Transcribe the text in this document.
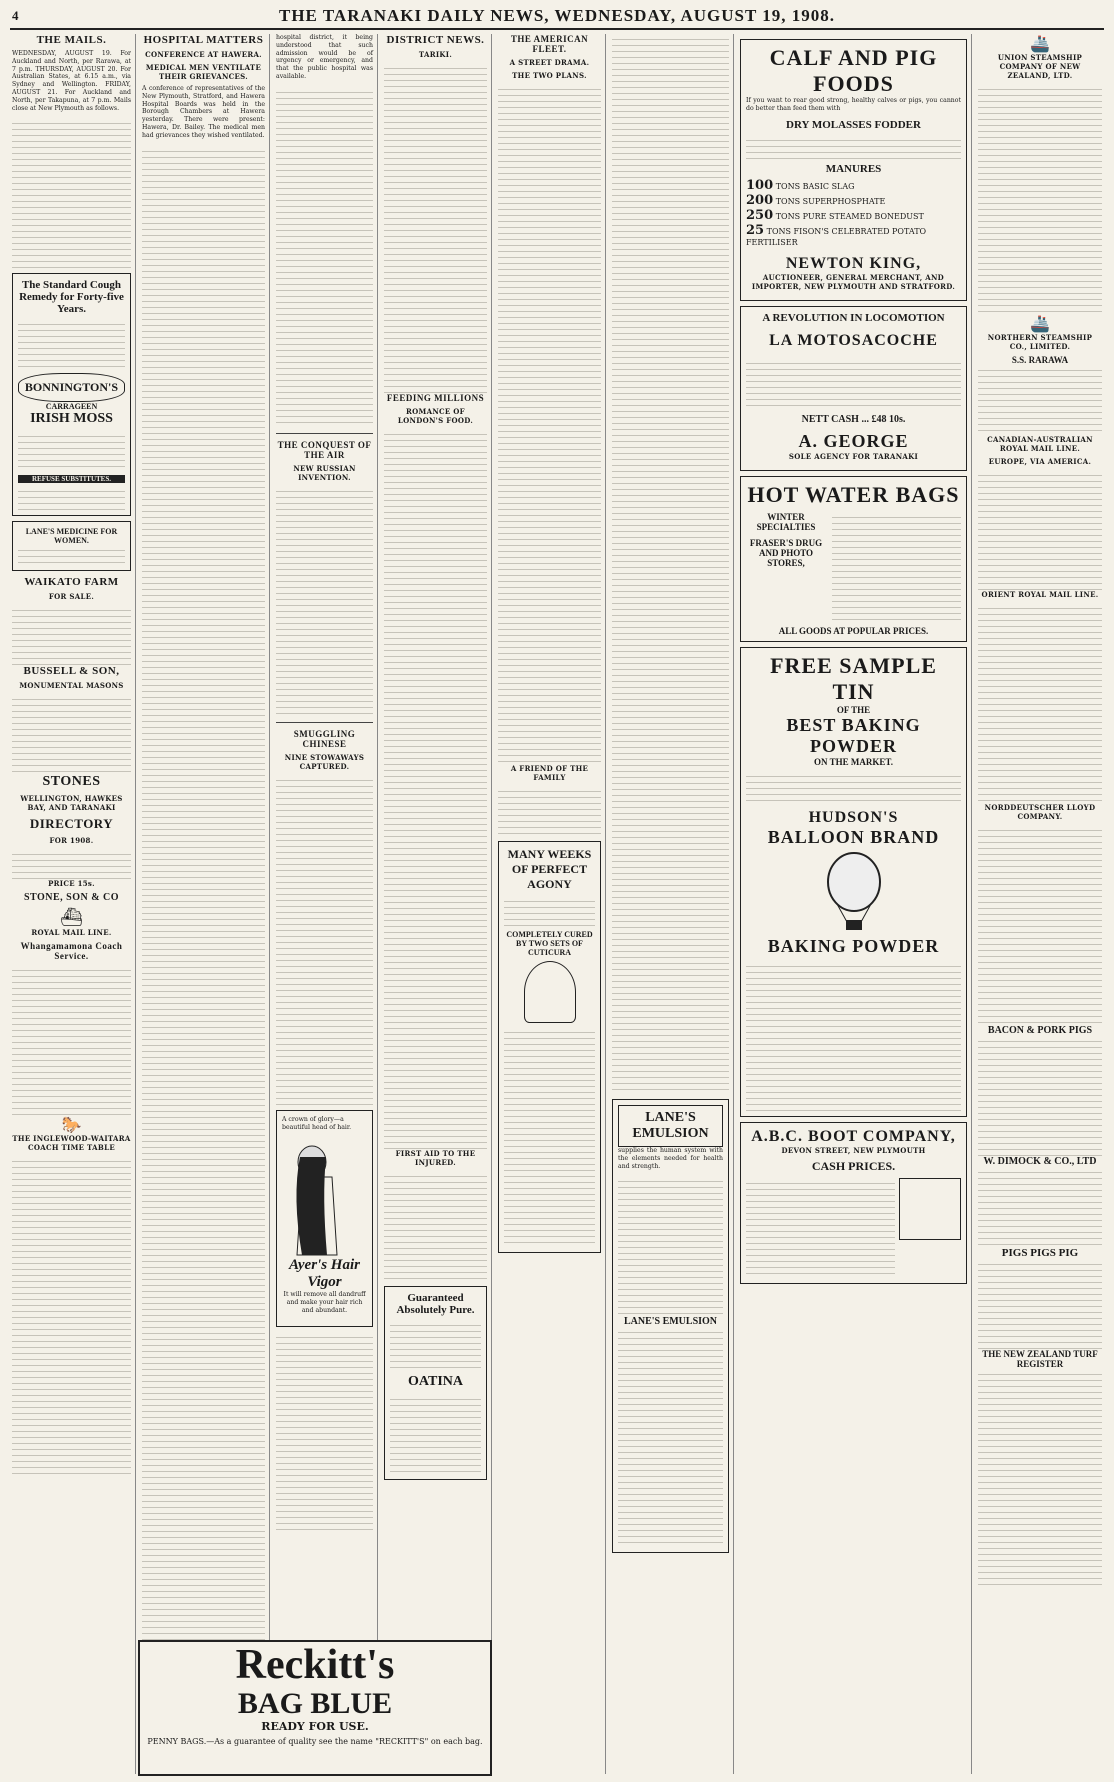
4	THE TARANAKI DAILY NEWS, WEDNESDAY, AUGUST 19, 1908.
THE MAILS.

WEDNESDAY, AUGUST 19. For Auckland and North, per Rarawa, at 7 p.m. THURSDAY, AUGUST 20. For Australian States, at 6.15 a.m., via Sydney and Wellington. FRIDAY, AUGUST 21. For Auckland and North, per Takapuna, at 7 p.m. Mails close at New Plymouth as follows.

The Standard Cough Remedy for Forty-five Years.
BONNINGTON'S
CARRAGEEN
IRISH MOSS
REFUSE SUBSTITUTES.
LANE'S MEDICINE FOR WOMEN.
WAIKATO FARM
FOR SALE.
BUSSELL & SON,
MONUMENTAL MASONS
STONES
WELLINGTON, HAWKES BAY, AND TARANAKI
DIRECTORY
FOR 1908.
PRICE 15s.
STONE, SON & CO
⛴
ROYAL MAIL LINE.
Whangamamona Coach Service.
🐎
THE INGLEWOOD-WAITARA COACH TIME TABLE
HOSPITAL MATTERS
CONFERENCE AT HAWERA.
MEDICAL MEN VENTILATE THEIR GRIEVANCES.

A conference of representatives of the New Plymouth, Stratford, and Hawera Hospital Boards was held in the Borough Chambers at Hawera yesterday. There were present: Hawera, Dr. Bailey. The medical men had grievances they wished ventilated.

hospital district, it being understood that such admission would be of urgency or emergency, and that the public hospital was available.

THE CONQUEST OF THE AIR
NEW RUSSIAN INVENTION.
SMUGGLING CHINESE
NINE STOWAWAYS CAPTURED.

A crown of glory—a beautiful head of hair.

Ayer's Hair Vigor

It will remove all dandruff and make your hair rich and abundant.

DISTRICT NEWS.
TARIKI.
FEEDING MILLIONS
ROMANCE OF LONDON'S FOOD.
FIRST AID TO THE INJURED.
Guaranteed Absolutely Pure.
OATINA
THE AMERICAN FLEET.
A STREET DRAMA.
THE TWO PLANS.
A FRIEND OF THE FAMILY
MANY WEEKS OF PERFECT AGONY
COMPLETELY CURED BY TWO SETS OF CUTICURA
LANE'S EMULSION

supplies the human system with the elements needed for health and strength.

LANE'S EMULSION
CALF AND PIG FOODS

If you want to rear good strong, healthy calves or pigs, you cannot do better than feed them with

DRY MOLASSES FODDER
MANURES
100 TONS BASIC SLAG
200 TONS SUPERPHOSPHATE
250 TONS PURE STEAMED BONEDUST
25 TONS FISON'S CELEBRATED POTATO FERTILISER
NEWTON KING,
AUCTIONEER, GENERAL MERCHANT, AND IMPORTER, NEW PLYMOUTH AND STRATFORD.
A REVOLUTION IN LOCOMOTION
LA MOTOSACOCHE
NETT CASH ... £48 10s.
A. GEORGE
SOLE AGENCY FOR TARANAKI
HOT WATER BAGS
WINTER SPECIALTIES
FRASER'S DRUG AND PHOTO STORES,
ALL GOODS AT POPULAR PRICES.
FREE SAMPLE TIN
OF THE
BEST BAKING POWDER
ON THE MARKET.
HUDSON'S
BALLOON BRAND
BAKING POWDER
A.B.C. BOOT COMPANY,
DEVON STREET, NEW PLYMOUTH
CASH PRICES.
Reckitt's
BAG BLUE
READY FOR USE.
PENNY BAGS.—As a guarantee of quality see the name "RECKITT'S" on each bag.
🚢
UNION STEAMSHIP COMPANY OF NEW ZEALAND, LTD.
🚢
NORTHERN STEAMSHIP CO., LIMITED.
S.S. RARAWA
CANADIAN-AUSTRALIAN ROYAL MAIL LINE.
EUROPE, VIA AMERICA.
ORIENT ROYAL MAIL LINE.
NORDDEUTSCHER LLOYD COMPANY.
BACON & PORK PIGS
W. DIMOCK & CO., LTD
PIGS PIGS PIG
THE NEW ZEALAND TURF REGISTER
